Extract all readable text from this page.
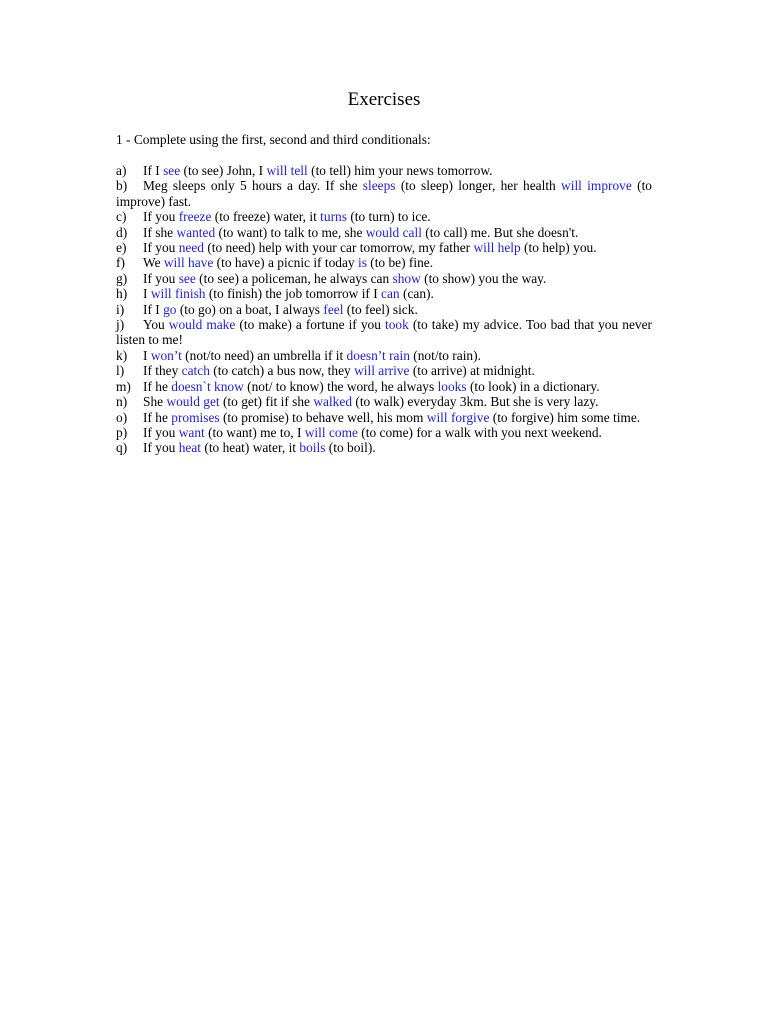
Exercises
1 - Complete using the first, second and third conditionals:
a) If I see (to see) John, I will tell (to tell) him your news tomorrow.
b) Meg sleeps only 5 hours a day. If she sleeps (to sleep) longer, her health will improve (to improve) fast.
c) If you freeze (to freeze) water, it turns (to turn) to ice.
d) If she wanted (to want) to talk to me, she would call (to call) me. But she doesn't.
e) If you need (to need) help with your car tomorrow, my father will help (to help) you.
f) We will have (to have) a picnic if today is (to be) fine.
g) If you see (to see) a policeman, he always can show (to show) you the way.
h) I will finish (to finish) the job tomorrow if I can (can).
i) If I go (to go) on a boat, I always feel (to feel) sick.
j) You would make (to make) a fortune if you took (to take) my advice. Too bad that you never listen to me!
k) I won’t (not/to need) an umbrella if it doesn’t rain (not/to rain).
l) If they catch (to catch) a bus now, they will arrive (to arrive) at midnight.
m) If he doesn`t know (not/ to know) the word, he always looks (to look) in a dictionary.
n) She would get (to get) fit if she walked (to walk) everyday 3km. But she is very lazy.
o) If he promises (to promise) to behave well, his mom will forgive (to forgive) him some time.
p) If you want (to want) me to, I will come (to come) for a walk with you next weekend.
q) If you heat (to heat) water, it boils (to boil).
